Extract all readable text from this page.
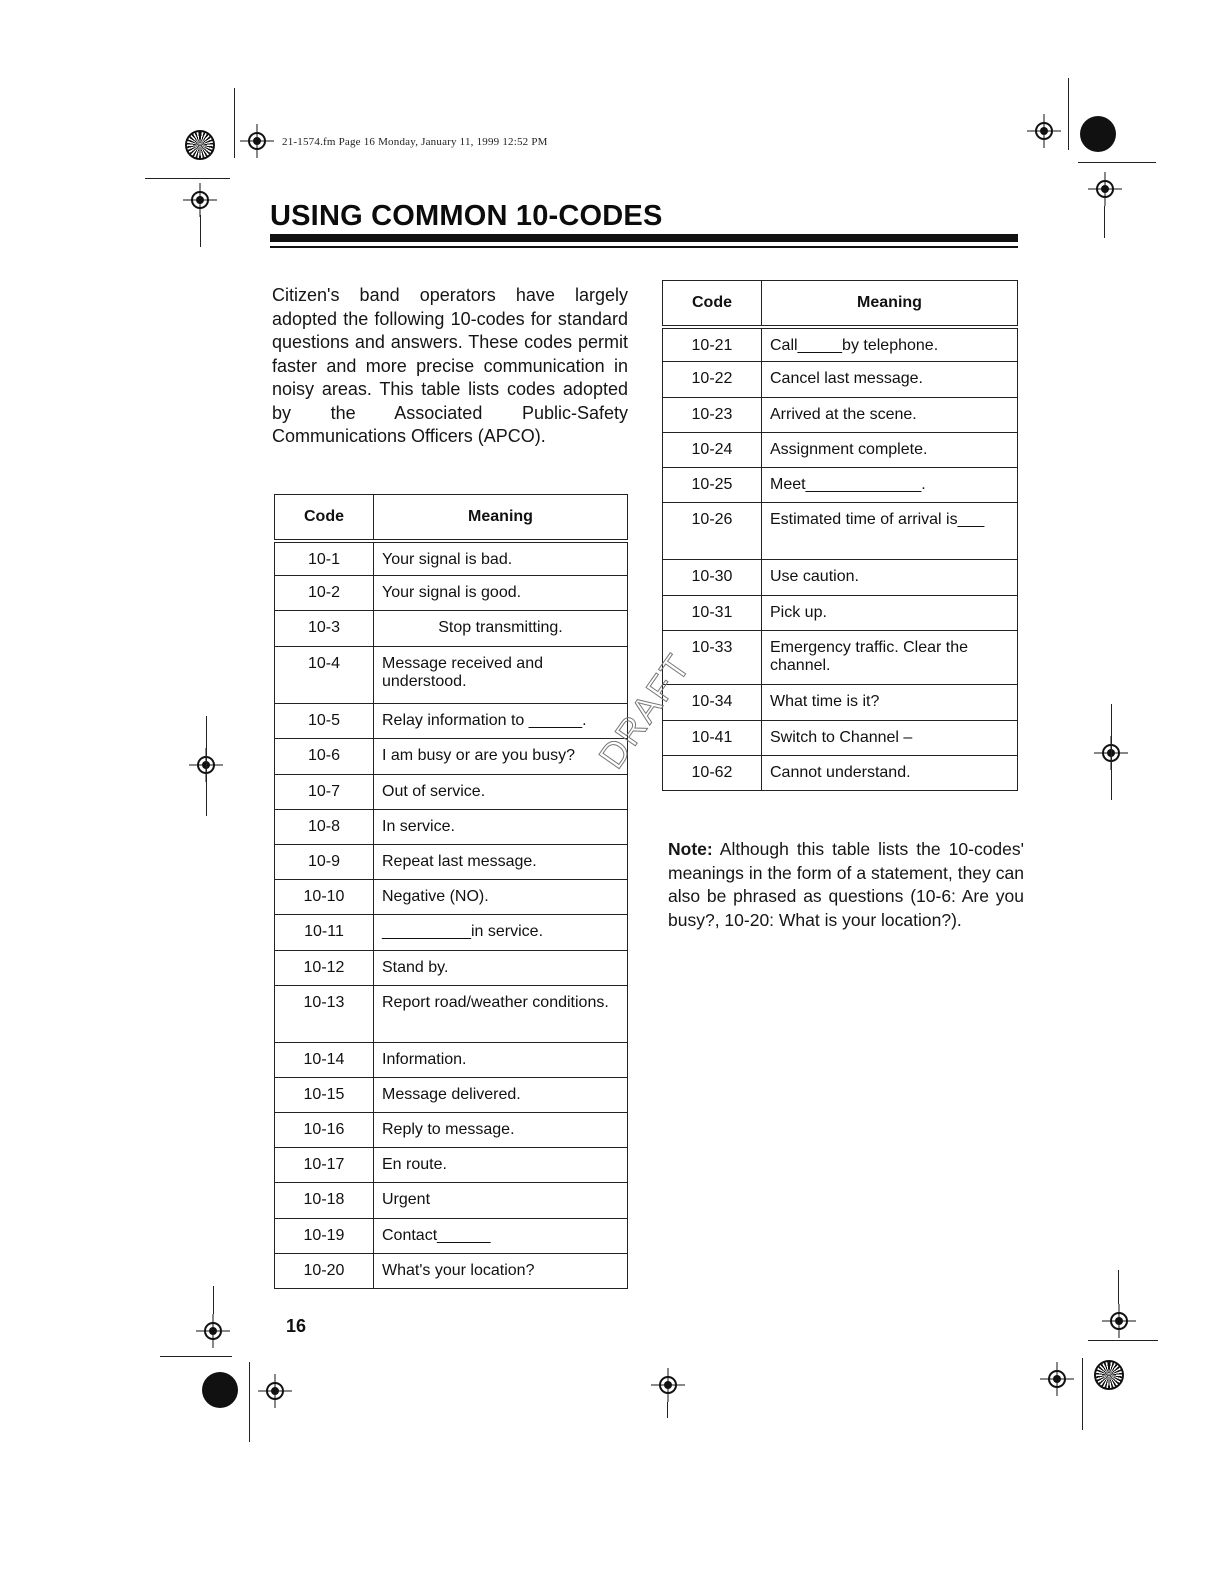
21-1574.fm Page 16 Monday, January 11, 1999 12:52 PM
USING COMMON 10-CODES
Citizen's band operators have largely adopted the following 10-codes for standard questions and answers. These codes permit faster and more precise communication in noisy areas. This table lists codes adopted by the Associated Public-Safety Communications Officers (APCO).
Code	Meaning
10-1	Your signal is bad.
10-2	Your signal is good.
10-3	Stop transmitting.
10-4	Message received and understood.
10-5	Relay information to ______.
10-6	I am busy or are you busy?
10-7	Out of service.
10-8	In service.
10-9	Repeat last message.
10-10	Negative (NO).
10-11	__________in service.
10-12	Stand by.
10-13	Report road/weather conditions.
10-14	Information.
10-15	Message delivered.
10-16	Reply to message.
10-17	En route.
10-18	Urgent
10-19	Contact______
10-20	What's your location?
Code	Meaning
10-21	Call_____by telephone.
10-22	Cancel last message.
10-23	Arrived at the scene.
10-24	Assignment complete.
10-25	Meet_____________.
10-26	Estimated time of arrival is___
10-30	Use caution.
10-31	Pick up.
10-33	Emergency traffic. Clear the channel.
10-34	What time is it?
10-41	Switch to Channel –
10-62	Cannot understand.
DRAFT
Note: Although this table lists the 10-codes' meanings in the form of a statement, they can also be phrased as questions (10-6: Are you busy?, 10-20: What is your location?).
16
